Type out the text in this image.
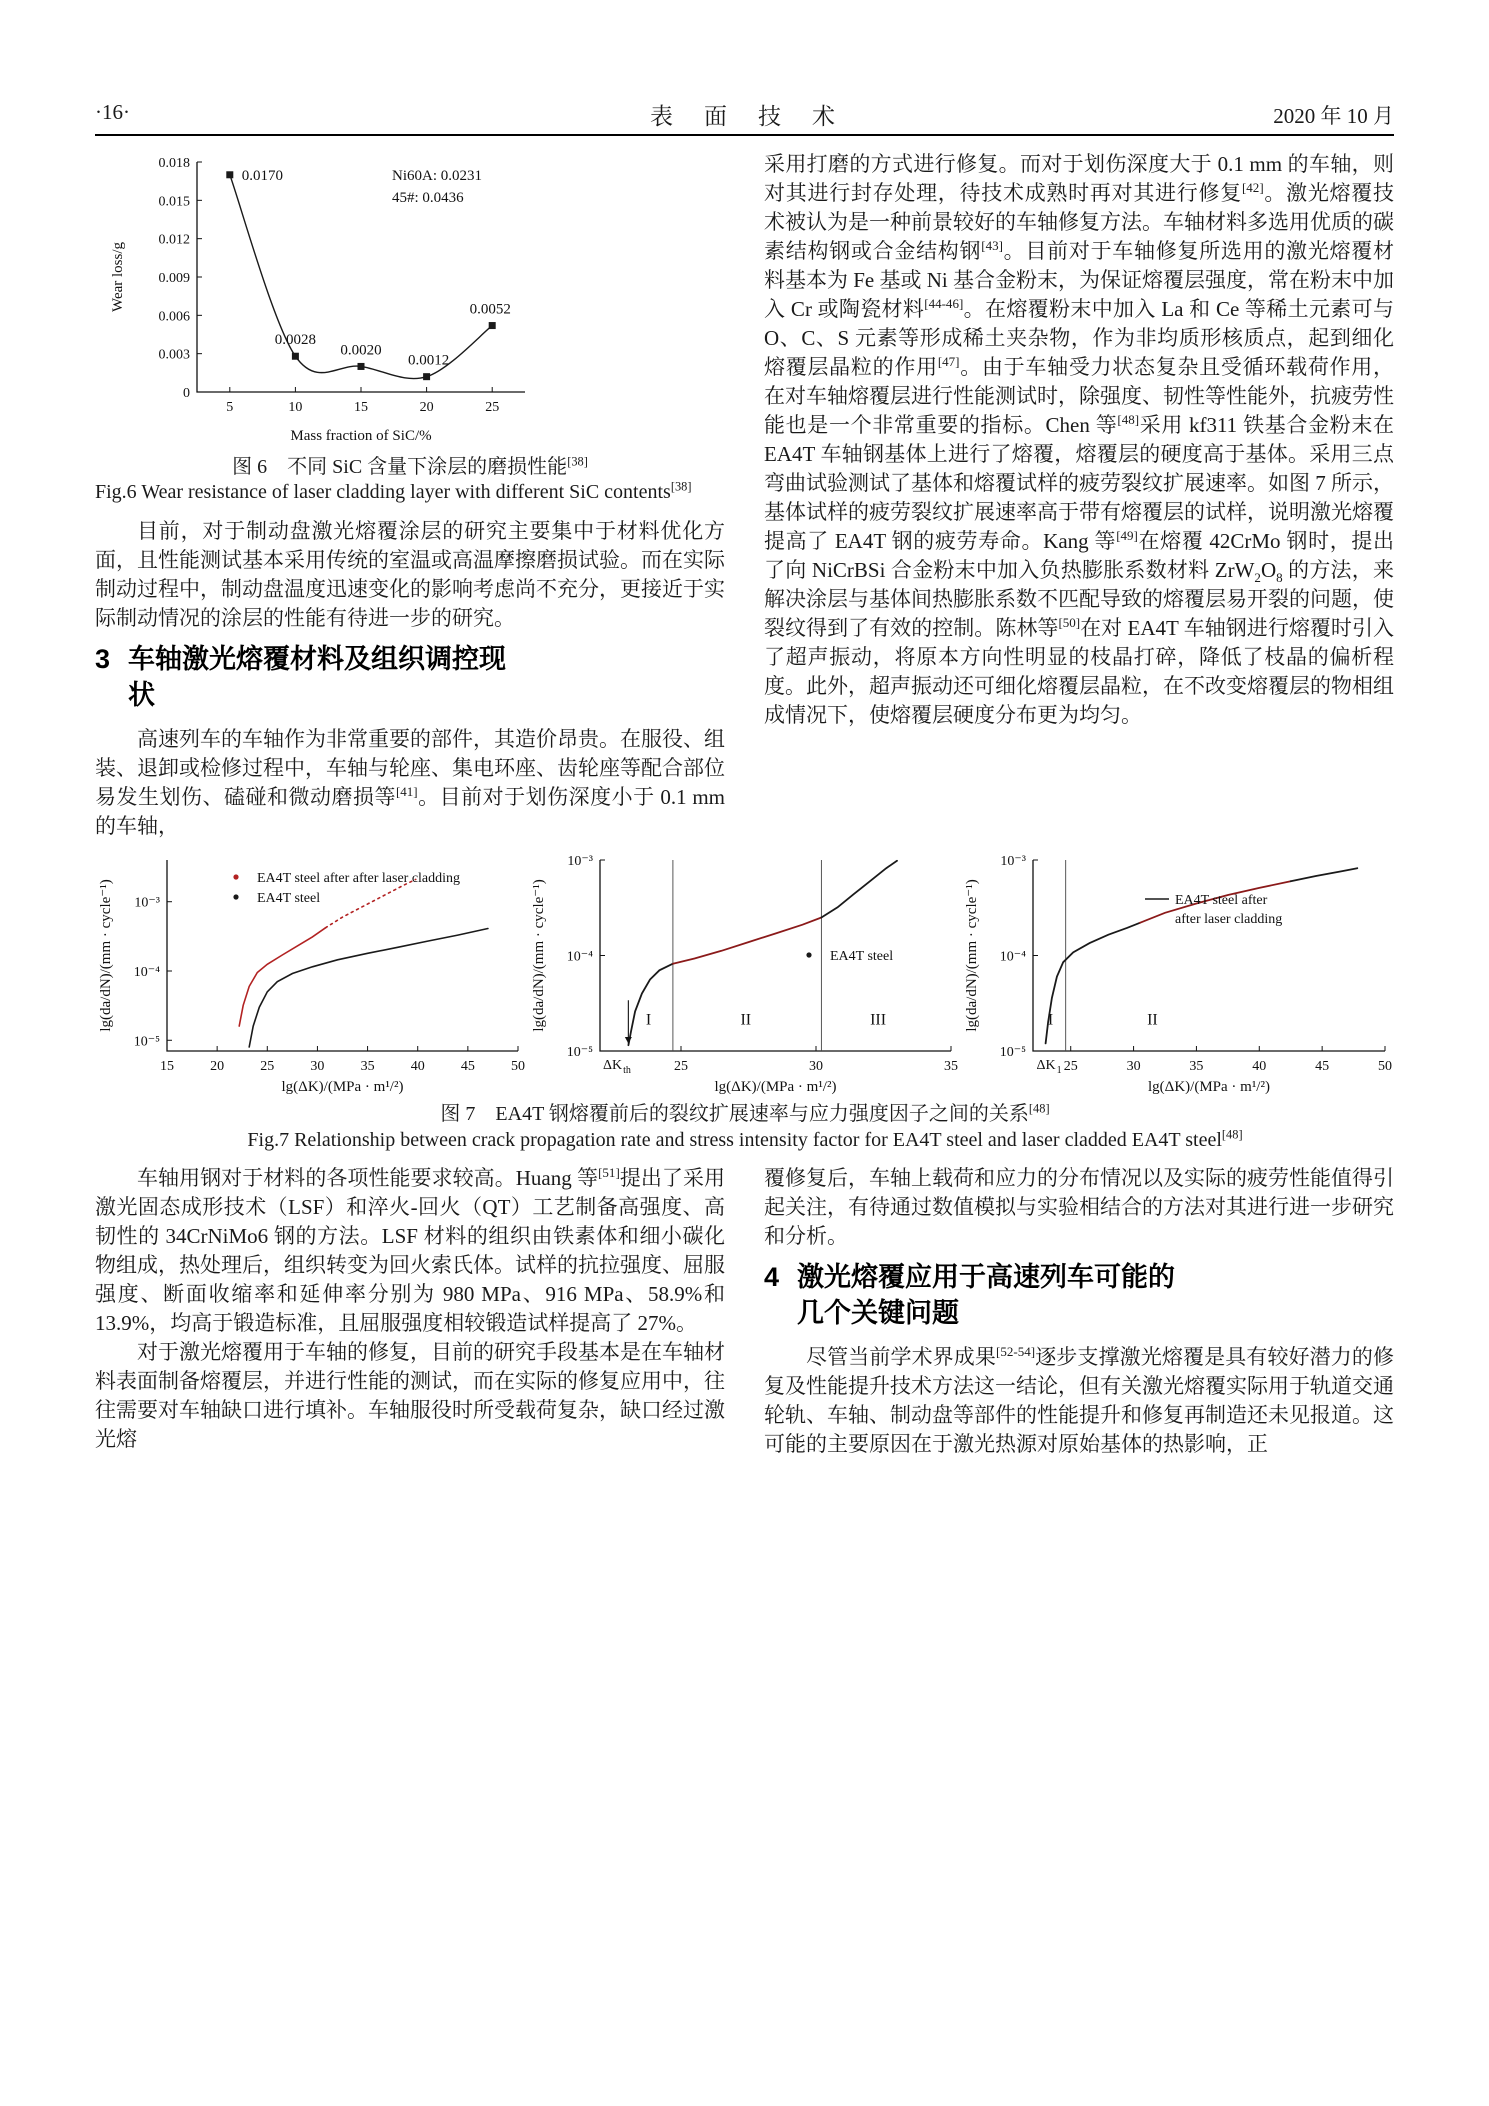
·16·	表　面　技　术	2020 年 10 月
5	10	15	20	25
0
0.003
0.006
0.009
0.012
0.015
0.018
0.0170
0.0028
0.0020
0.0012
0.0052
Ni60A: 0.0231
45#: 0.0436
Mass fraction of SiC/%
Wear loss/g
图 6　不同 SiC 含量下涂层的磨损性能[38]
Fig.6 Wear resistance of laser cladding layer with different SiC contents[38]

目前，对于制动盘激光熔覆涂层的研究主要集中于材料优化方面，且性能测试基本采用传统的室温或高温摩擦磨损试验。而在实际制动过程中，制动盘温度迅速变化的影响考虑尚不充分，更接近于实际制动情况的涂层的性能有待进一步的研究。

3 车轴激光熔覆材料及组织调控现状

高速列车的车轴作为非常重要的部件，其造价昂贵。在服役、组装、退卸或检修过程中，车轴与轮座、集电环座、齿轮座等配合部位易发生划伤、磕碰和微动磨损等[41]。目前对于划伤深度小于 0.1 mm 的车轴，

采用打磨的方式进行修复。而对于划伤深度大于 0.1 mm 的车轴，则对其进行封存处理，待技术成熟时再对其进行修复[42]。激光熔覆技术被认为是一种前景较好的车轴修复方法。车轴材料多选用优质的碳素结构钢或合金结构钢[43]。目前对于车轴修复所选用的激光熔覆材料基本为 Fe 基或 Ni 基合金粉末，为保证熔覆层强度，常在粉末中加入 Cr 或陶瓷材料[44-46]。在熔覆粉末中加入 La 和 Ce 等稀土元素可与 O、C、S 元素等形成稀土夹杂物，作为非均质形核质点，起到细化熔覆层晶粒的作用[47]。由于车轴受力状态复杂且受循环载荷作用，在对车轴熔覆层进行性能测试时，除强度、韧性等性能外，抗疲劳性能也是一个非常重要的指标。Chen 等[48]采用 kf311 铁基合金粉末在 EA4T 车轴钢基体上进行了熔覆，熔覆层的硬度高于基体。采用三点弯曲试验测试了基体和熔覆试样的疲劳裂纹扩展速率。如图 7 所示，基体试样的疲劳裂纹扩展速率高于带有熔覆层的试样，说明激光熔覆提高了 EA4T 钢的疲劳寿命。Kang 等[49]在熔覆 42CrMo 钢时，提出了向 NiCrBSi 合金粉末中加入负热膨胀系数材料 $ZrW_2O_8$ 的方法，来解决涂层与基体间热膨胀系数不匹配导致的熔覆层易开裂的问题，使裂纹得到了有效的控制。陈林等[50]在对 EA4T 车轴钢进行熔覆时引入了超声振动，将原本方向性明显的枝晶打碎，降低了枝晶的偏析程度。此外，超声振动还可细化熔覆层晶粒，在不改变熔覆层的物相组成情况下，使熔覆层硬度分布更为均匀。

15	20	25	30	35	40	45	50
10⁻⁵
10⁻⁴
10⁻³
EA4T steel after after laser cladding
EA4T steel
lg(ΔK)/(MPa · m¹/²)
lg(da/dN)/(mm · cycle⁻¹)
25	30	35
10⁻⁵
10⁻⁴
10⁻³
I	II	III
ΔK th
EA4T steel
lg(ΔK)/(MPa · m¹/²)
lg(da/dN)/(mm · cycle⁻¹)
25	30	35	40	45	50
10⁻⁵
10⁻⁴
10⁻³
I	II
ΔK 1
EA4T steel after
after laser cladding
lg(ΔK)/(MPa · m¹/²)
lg(da/dN)/(mm · cycle⁻¹)
图 7　EA4T 钢熔覆前后的裂纹扩展速率与应力强度因子之间的关系[48]
Fig.7 Relationship between crack propagation rate and stress intensity factor for EA4T steel and laser cladded EA4T steel[48]

车轴用钢对于材料的各项性能要求较高。Huang 等[51]提出了采用激光固态成形技术（LSF）和淬火-回火（QT）工艺制备高强度、高韧性的 34CrNiMo6 钢的方法。LSF 材料的组织由铁素体和细小碳化物组成，热处理后，组织转变为回火索氏体。试样的抗拉强度、屈服强度、断面收缩率和延伸率分别为 980 MPa、916 MPa、58.9%和 13.9%，均高于锻造标准，且屈服强度相较锻造试样提高了 27%。

对于激光熔覆用于车轴的修复，目前的研究手段基本是在车轴材料表面制备熔覆层，并进行性能的测试，而在实际的修复应用中，往往需要对车轴缺口进行填补。车轴服役时所受载荷复杂，缺口经过激光熔

覆修复后，车轴上载荷和应力的分布情况以及实际的疲劳性能值得引起关注，有待通过数值模拟与实验相结合的方法对其进行进一步研究和分析。

4 激光熔覆应用于高速列车可能的几个关键问题

尽管当前学术界成果[52-54]逐步支撑激光熔覆是具有较好潜力的修复及性能提升技术方法这一结论，但有关激光熔覆实际用于轨道交通轮轨、车轴、制动盘等部件的性能提升和修复再制造还未见报道。这可能的主要原因在于激光热源对原始基体的热影响，正
